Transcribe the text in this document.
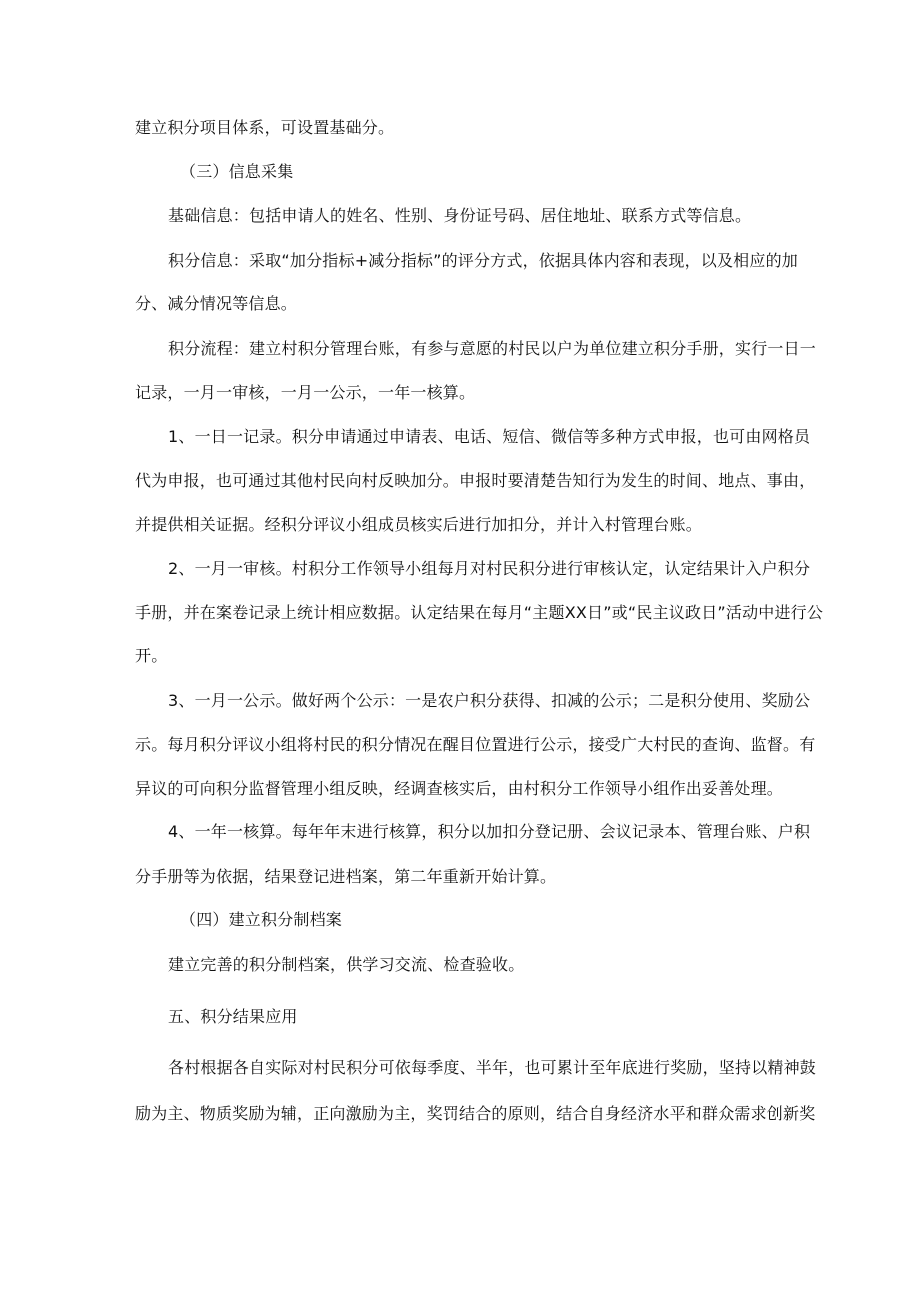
建立积分项目体系，可设置基础分。
（三）信息采集
基础信息：包括申请人的姓名、性别、身份证号码、居住地址、联系方式等信息。
积分信息：采取“加分指标+减分指标”的评分方式，依据具体内容和表现，以及相应的加
分、减分情况等信息。
积分流程：建立村积分管理台账，有参与意愿的村民以户为单位建立积分手册，实行一日一
记录，一月一审核，一月一公示，一年一核算。
1、一日一记录。积分申请通过申请表、电话、短信、微信等多种方式申报，也可由网格员
代为申报，也可通过其他村民向村反映加分。申报时要清楚告知行为发生的时间、地点、事由，
并提供相关证据。经积分评议小组成员核实后进行加扣分，并计入村管理台账。
2、一月一审核。村积分工作领导小组每月对村民积分进行审核认定，认定结果计入户积分
手册，并在案卷记录上统计相应数据。认定结果在每月“主题XX日”或“民主议政日”活动中进行公
开。
3、一月一公示。做好两个公示：一是农户积分获得、扣减的公示；二是积分使用、奖励公
示。每月积分评议小组将村民的积分情况在醒目位置进行公示，接受广大村民的查询、监督。有
异议的可向积分监督管理小组反映，经调查核实后，由村积分工作领导小组作出妥善处理。
4、一年一核算。每年年末进行核算，积分以加扣分登记册、会议记录本、管理台账、户积
分手册等为依据，结果登记进档案，第二年重新开始计算。
（四）建立积分制档案
建立完善的积分制档案，供学习交流、检查验收。
五、积分结果应用
各村根据各自实际对村民积分可依每季度、半年，也可累计至年底进行奖励，坚持以精神鼓
励为主、物质奖励为辅，正向激励为主，奖罚结合的原则，结合自身经济水平和群众需求创新奖
